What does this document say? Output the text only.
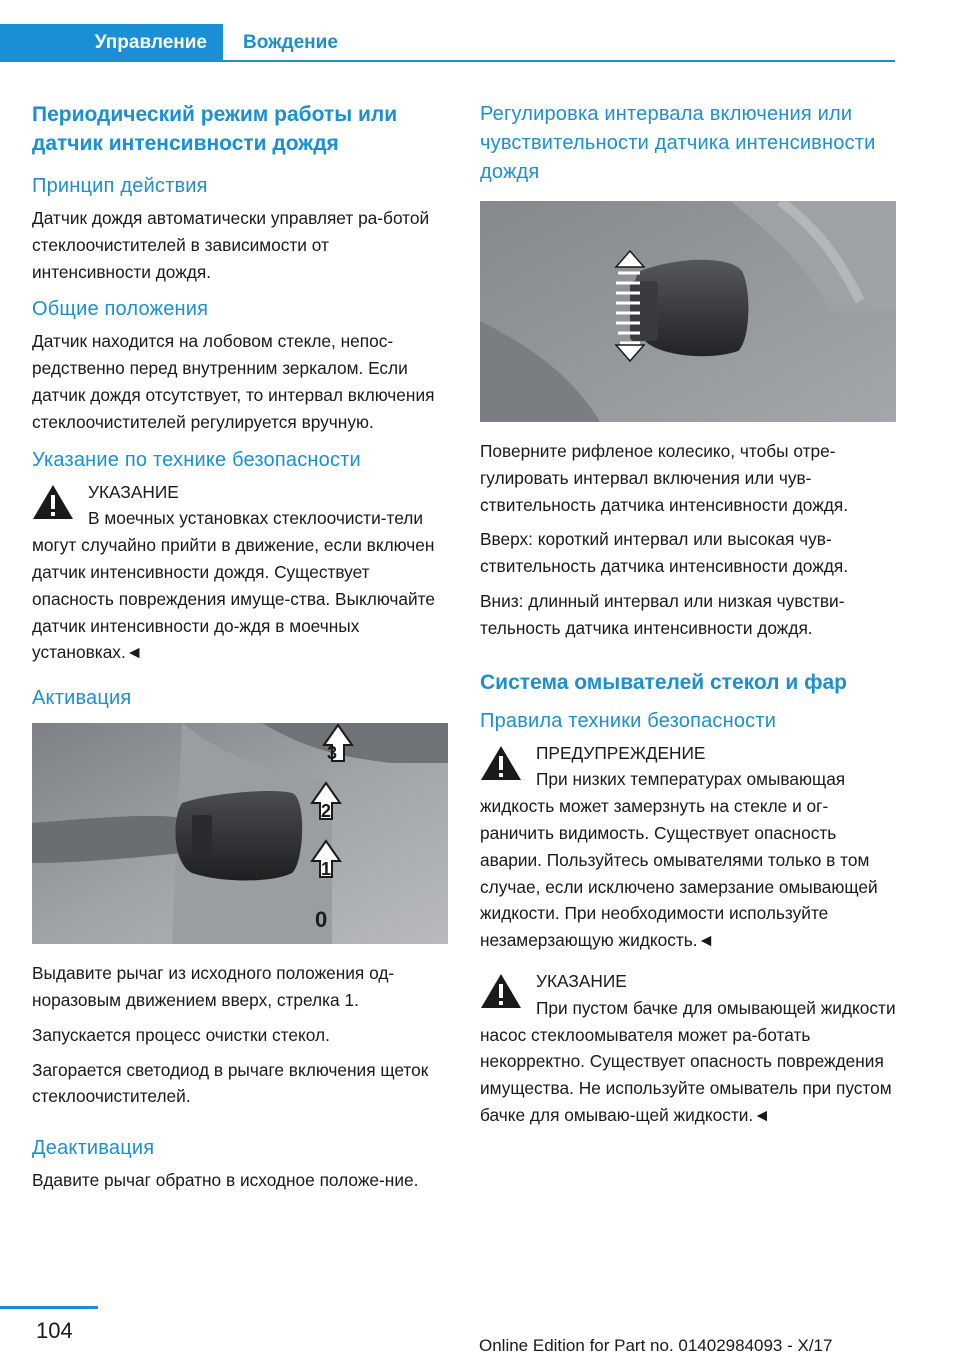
Управление	Вождение
Периодический режим работы или датчик интенсивности дождя
Принцип действия

Датчик дождя автоматически управляет ра-ботой стеклоочистителей в зависимости от интенсивности дождя.

Общие положения

Датчик находится на лобовом стекле, непос-редственно перед внутренним зеркалом. Если датчик дождя отсутствует, то интервал включения стеклоочистителей регулируется вручную.

Указание по технике безопасности
УКАЗАНИЕ

В моечных установках стеклоочисти-тели могут случайно прийти в движение, если включен датчик интенсивности дождя. Существует опасность повреждения имуще-ства. Выключайте датчик интенсивности до-ждя в моечных установках.◄

Активация
3
2
1
0

Выдавите рычаг из исходного положения од-норазовым движением вверх, стрелка 1.

Запускается процесс очистки стекол.

Загорается светодиод в рычаге включения щеток стеклоочистителей.

Деактивация

Вдавите рычаг обратно в исходное положе-ние.

Регулировка интервала включения или чувствительности датчика интенсивности дождя

Поверните рифленое колесико, чтобы отре-гулировать интервал включения или чув-ствительность датчика интенсивности дождя.

Вверх: короткий интервал или высокая чув-ствительность датчика интенсивности дождя.

Вниз: длинный интервал или низкая чувстви-тельность датчика интенсивности дождя.

Система омывателей стекол и фар
Правила техники безопасности
ПРЕДУПРЕЖДЕНИЕ

При низких температурах омывающая жидкость может замерзнуть на стекле и ог-раничить видимость. Существует опасность аварии. Пользуйтесь омывателями только в том случае, если исключено замерзание омывающей жидкости. При необходимости используйте незамерзающую жидкость.◄

УКАЗАНИЕ

При пустом бачке для омывающей жидкости насос стеклоомывателя может ра-ботать некорректно. Существует опасность повреждения имущества. Не используйте омыватель при пустом бачке для омываю-щей жидкости.◄

104
Online Edition for Part no. 01402984093 - X/17
